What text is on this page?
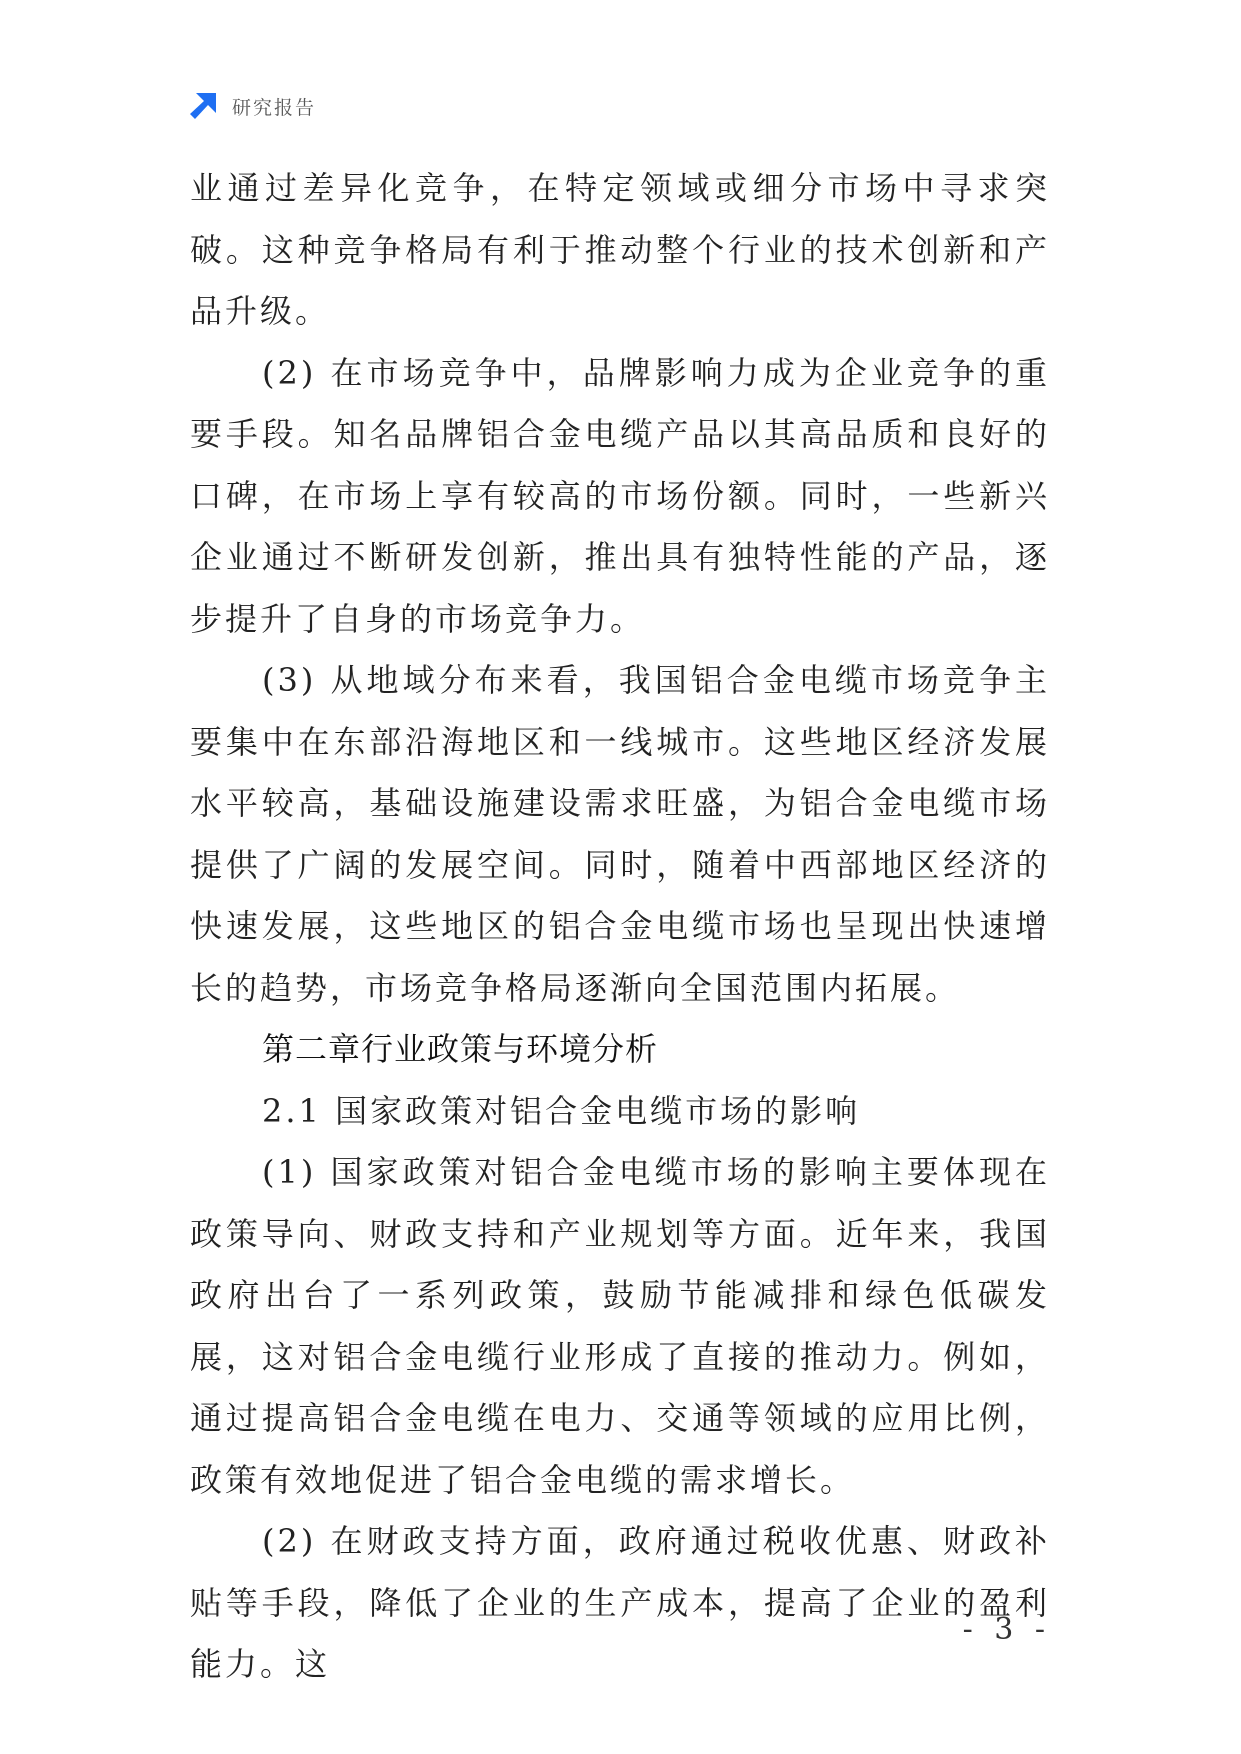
研究报告

业通过差异化竞争，在特定领域或细分市场中寻求突破。这种竞争格局有利于推动整个行业的技术创新和产品升级。

(2) 在市场竞争中，品牌影响力成为企业竞争的重要手段。知名品牌铝合金电缆产品以其高品质和良好的口碑，在市场上享有较高的市场份额。同时，一些新兴企业通过不断研发创新，推出具有独特性能的产品，逐步提升了自身的市场竞争力。

(3) 从地域分布来看，我国铝合金电缆市场竞争主要集中在东部沿海地区和一线城市。这些地区经济发展水平较高，基础设施建设需求旺盛，为铝合金电缆市场提供了广阔的发展空间。同时，随着中西部地区经济的快速发展，这些地区的铝合金电缆市场也呈现出快速增长的趋势，市场竞争格局逐渐向全国范围内拓展。

第二章行业政策与环境分析

2.1 国家政策对铝合金电缆市场的影响

(1) 国家政策对铝合金电缆市场的影响主要体现在政策导向、财政支持和产业规划等方面。近年来，我国政府出台了一系列政策，鼓励节能减排和绿色低碳发展，这对铝合金电缆行业形成了直接的推动力。例如，通过提高铝合金电缆在电力、交通等领域的应用比例，政策有效地促进了铝合金电缆的需求增长。

(2) 在财政支持方面，政府通过税收优惠、财政补贴等手段，降低了企业的生产成本，提高了企业的盈利能力。这

- 3 -
